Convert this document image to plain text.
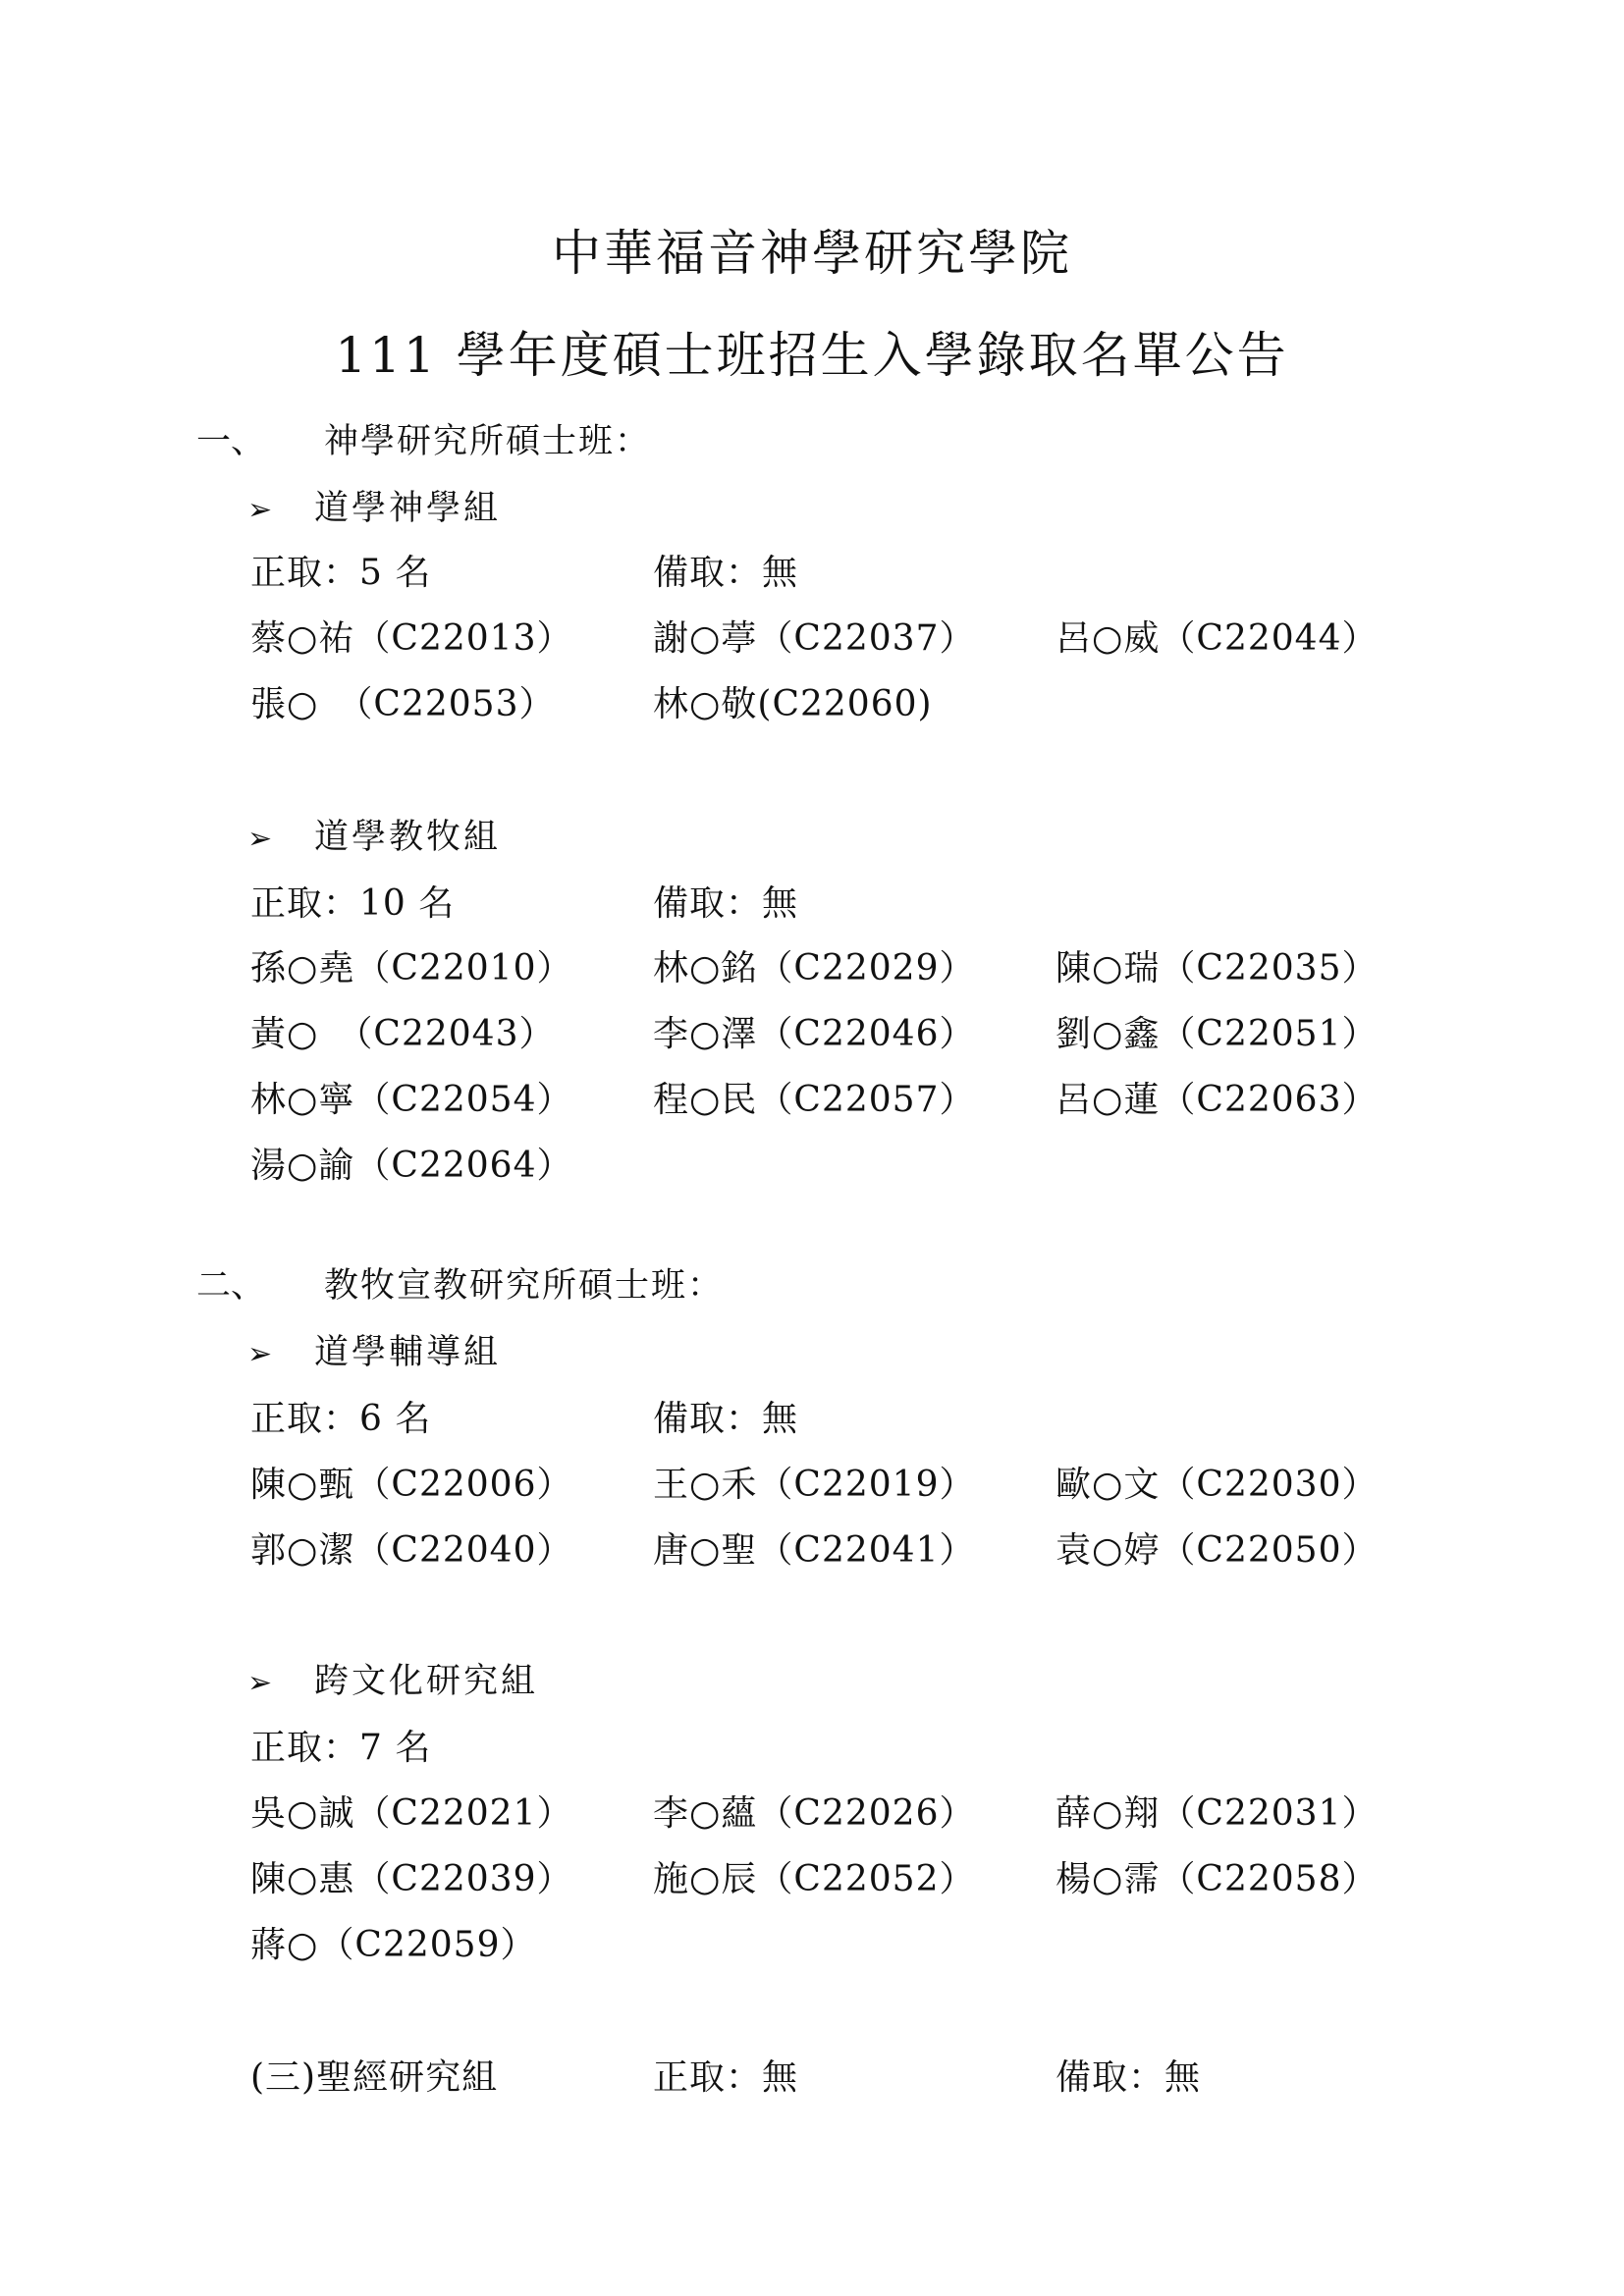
中華福音神學研究學院
111 學年度碩士班招生入學錄取名單公告
一、 神學研究所碩士班：
➢ 道學神學組
正取：5 名	備取：無
蔡○祐（C22013） 謝○葶（C22037） 呂○威（C22044）
張○　（C22053）	林○敬(C22060)
➢ 道學教牧組
正取：10 名	備取：無
孫○堯（C22010） 林○銘（C22029） 陳○瑞（C22035）
黃○　（C22043）	李○澤（C22046） 劉○鑫（C22051）
林○寧（C22054） 程○民（C22057） 呂○蓮（C22063）
湯○諭（C22064）
二、 教牧宣教研究所碩士班：
➢ 道學輔導組
正取：6 名	備取：無
陳○甄（C22006） 王○禾（C22019） 歐○文（C22030）
郭○潔（C22040） 唐○聖（C22041） 袁○婷（C22050）
➢ 跨文化研究組
正取：7 名
吳○誠（C22021） 李○蘊（C22026） 薛○翔（C22031）
陳○惠（C22039） 施○辰（C22052） 楊○霈（C22058）
蔣○（C22059）
(三)聖經研究組	正取：無	備取：無
